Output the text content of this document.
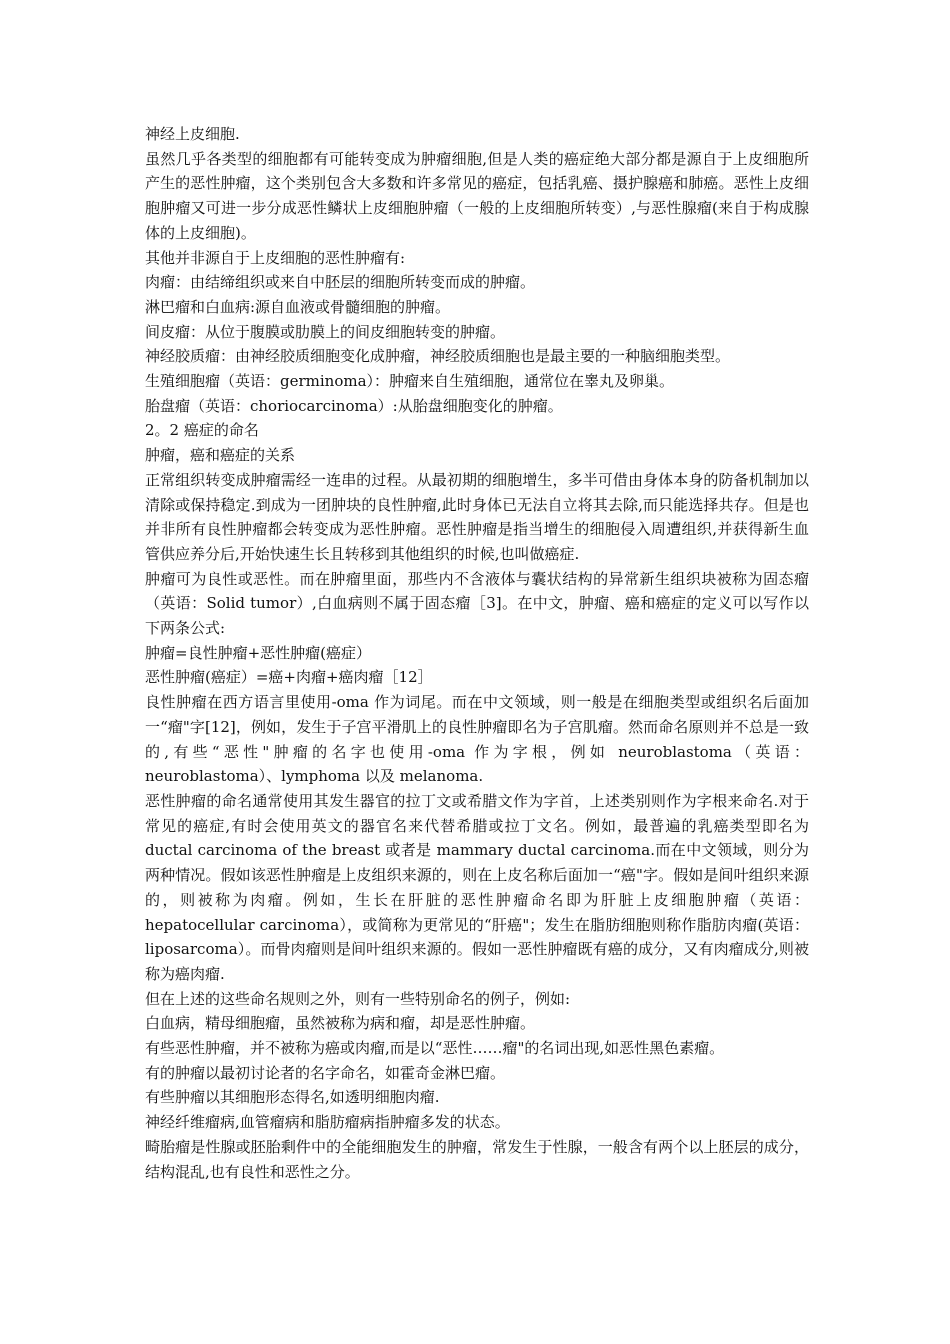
神经上皮细胞.

虽然几乎各类型的细胞都有可能转变成为肿瘤细胞,但是人类的癌症绝大部分都是源自于上皮细胞所产生的恶性肿瘤，这个类别包含大多数和许多常见的癌症，包括乳癌、摄护腺癌和肺癌。恶性上皮细胞肿瘤又可进一步分成恶性鳞状上皮细胞肿瘤（一般的上皮细胞所转变）,与恶性腺瘤(来自于构成腺体的上皮细胞)。

其他并非源自于上皮细胞的恶性肿瘤有:

肉瘤：由结缔组织或来自中胚层的细胞所转变而成的肿瘤。

淋巴瘤和白血病:源自血液或骨髓细胞的肿瘤。

间皮瘤：从位于腹膜或肋膜上的间皮细胞转变的肿瘤。

神经胶质瘤：由神经胶质细胞变化成肿瘤，神经胶质细胞也是最主要的一种脑细胞类型。

生殖细胞瘤（英语：germinoma）：肿瘤来自生殖细胞，通常位在睾丸及卵巢。

胎盘瘤（英语：choriocarcinoma）:从胎盘细胞变化的肿瘤。

2。2 癌症的命名

肿瘤，癌和癌症的关系

正常组织转变成肿瘤需经一连串的过程。从最初期的细胞增生，多半可借由身体本身的防备机制加以清除或保持稳定.到成为一团肿块的良性肿瘤,此时身体已无法自立将其去除,而只能选择共存。但是也并非所有良性肿瘤都会转变成为恶性肿瘤。恶性肿瘤是指当增生的细胞侵入周遭组织,并获得新生血管供应养分后,开始快速生长且转移到其他组织的时候,也叫做癌症.

肿瘤可为良性或恶性。而在肿瘤里面，那些内不含液体与囊状结构的异常新生组织块被称为固态瘤（英语：Solid tumor）,白血病则不属于固态瘤［3]。在中文，肿瘤、癌和癌症的定义可以写作以下两条公式:

肿瘤=良性肿瘤+恶性肿瘤(癌症）

恶性肿瘤(癌症）=癌+肉瘤+癌肉瘤［12］

良性肿瘤在西方语言里使用-oma 作为词尾。而在中文领域，则一般是在细胞类型或组织名后面加一“瘤"字[12]，例如，发生于子宫平滑肌上的良性肿瘤即名为子宫肌瘤。然而命名原则并不总是一致的,有些“恶性"肿瘤的名字也使用-oma 作为字根，例如 neuroblastoma（英语：neuroblastoma）、lymphoma 以及 melanoma.

恶性肿瘤的命名通常使用其发生器官的拉丁文或希腊文作为字首，上述类别则作为字根来命名.对于常见的癌症,有时会使用英文的器官名来代替希腊或拉丁文名。例如，最普遍的乳癌类型即名为 ductal carcinoma of the breast 或者是 mammary ductal carcinoma.而在中文领域，则分为两种情况。假如该恶性肿瘤是上皮组织来源的，则在上皮名称后面加一“癌"字。假如是间叶组织来源的，则被称为肉瘤。例如，生长在肝脏的恶性肿瘤命名即为肝脏上皮细胞肿瘤（英语：hepatocellular carcinoma），或简称为更常见的“肝癌"；发生在脂肪细胞则称作脂肪肉瘤(英语：liposarcoma）。而骨肉瘤则是间叶组织来源的。假如一恶性肿瘤既有癌的成分，又有肉瘤成分,则被称为癌肉瘤.

但在上述的这些命名规则之外，则有一些特别命名的例子，例如:

白血病，精母细胞瘤，虽然被称为病和瘤，却是恶性肿瘤。

有些恶性肿瘤，并不被称为癌或肉瘤,而是以“恶性……瘤"的名词出现,如恶性黑色素瘤。

有的肿瘤以最初讨论者的名字命名，如霍奇金淋巴瘤。

有些肿瘤以其细胞形态得名,如透明细胞肉瘤.

神经纤维瘤病,血管瘤病和脂肪瘤病指肿瘤多发的状态。

畸胎瘤是性腺或胚胎剩件中的全能细胞发生的肿瘤，常发生于性腺，一般含有两个以上胚层的成分，结构混乱,也有良性和恶性之分。
